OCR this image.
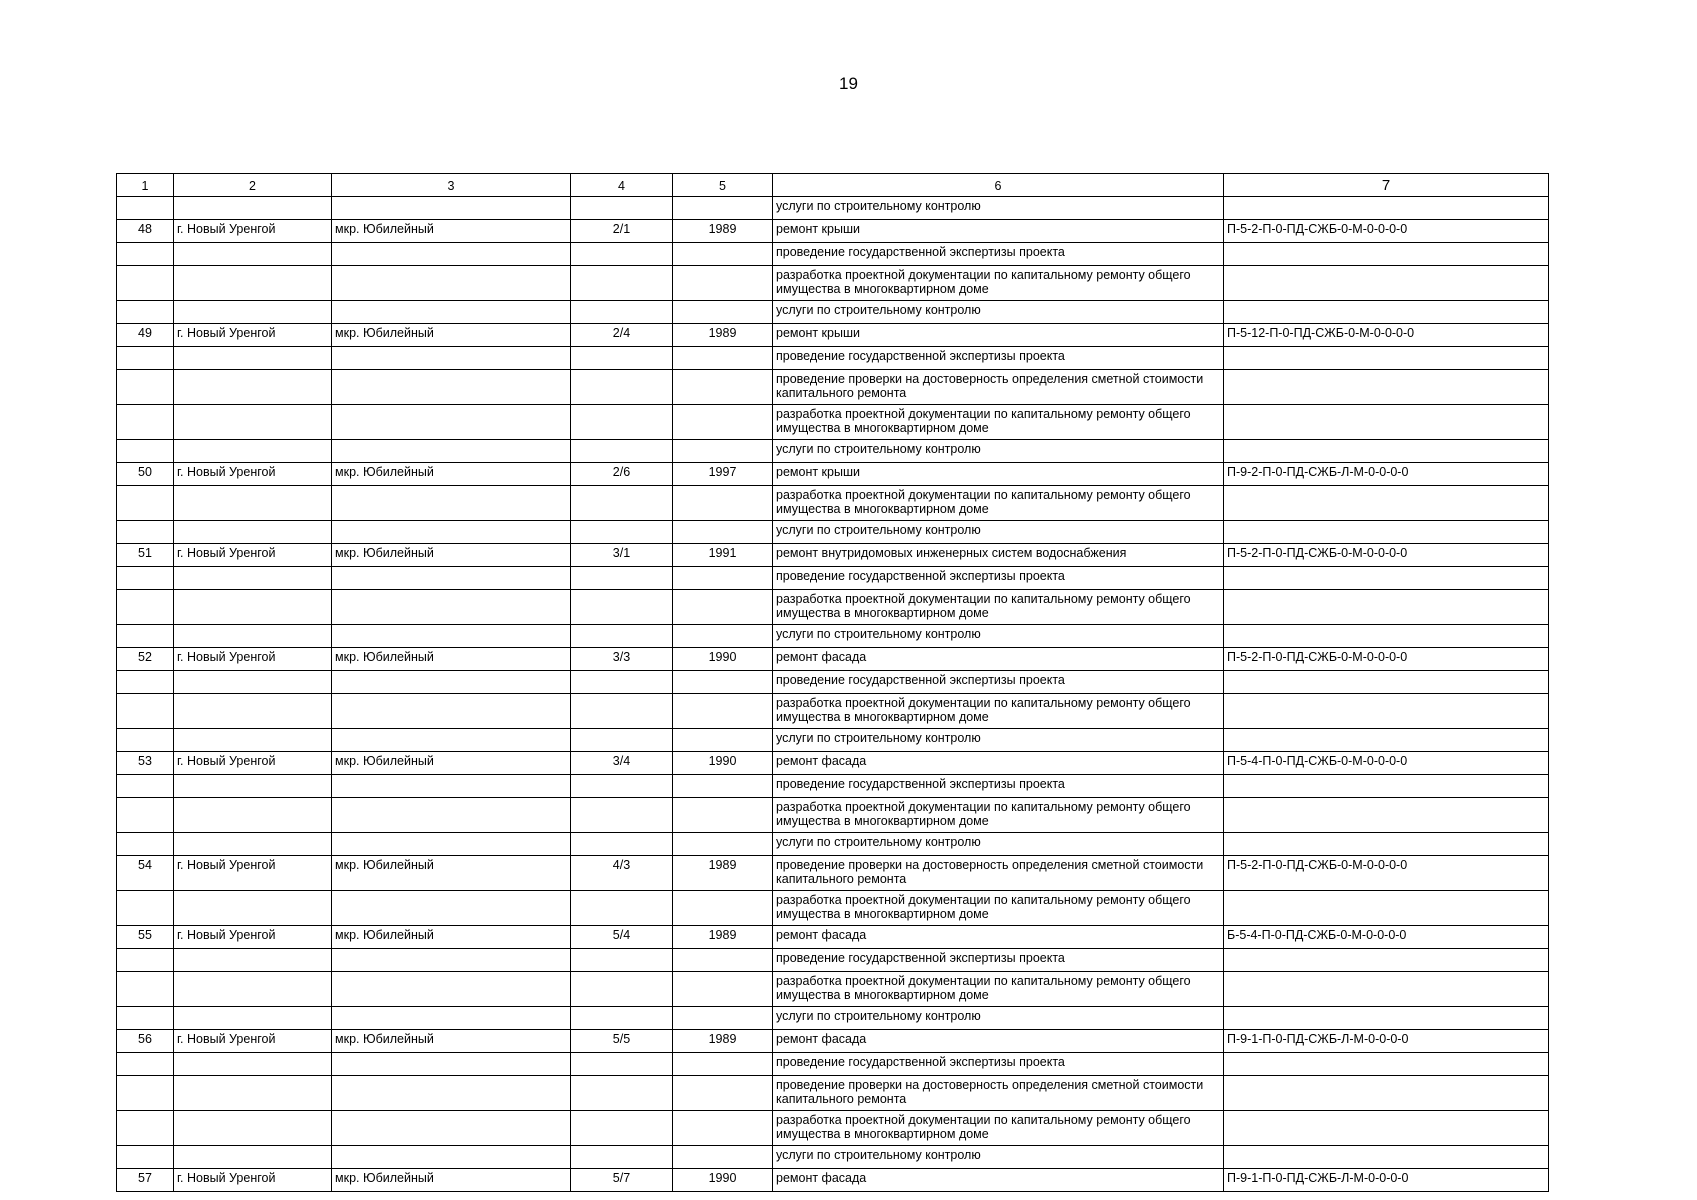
19
1	2	3	4	5	6	7
					услуги по строительному контролю	
48	г. Новый Уренгой	мкр. Юбилейный	2/1	1989	ремонт крыши	П-5-2-П-0-ПД-СЖБ-0-М-0-0-0-0
					проведение государственной экспертизы проекта	
					разработка проектной документации по капитальному ремонту общего имущества в многоквартирном доме	
					услуги по строительному контролю	
49	г. Новый Уренгой	мкр. Юбилейный	2/4	1989	ремонт крыши	П-5-12-П-0-ПД-СЖБ-0-М-0-0-0-0
					проведение государственной экспертизы проекта	
					проведение проверки на достоверность определения сметной стоимости капитального ремонта	
					разработка проектной документации по капитальному ремонту общего имущества в многоквартирном доме	
					услуги по строительному контролю	
50	г. Новый Уренгой	мкр. Юбилейный	2/6	1997	ремонт крыши	П-9-2-П-0-ПД-СЖБ-Л-М-0-0-0-0
					разработка проектной документации по капитальному ремонту общего имущества в многоквартирном доме	
					услуги по строительному контролю	
51	г. Новый Уренгой	мкр. Юбилейный	3/1	1991	ремонт внутридомовых инженерных систем водоснабжения	П-5-2-П-0-ПД-СЖБ-0-М-0-0-0-0
					проведение государственной экспертизы проекта	
					разработка проектной документации по капитальному ремонту общего имущества в многоквартирном доме	
					услуги по строительному контролю	
52	г. Новый Уренгой	мкр. Юбилейный	3/3	1990	ремонт фасада	П-5-2-П-0-ПД-СЖБ-0-М-0-0-0-0
					проведение государственной экспертизы проекта	
					разработка проектной документации по капитальному ремонту общего имущества в многоквартирном доме	
					услуги по строительному контролю	
53	г. Новый Уренгой	мкр. Юбилейный	3/4	1990	ремонт фасада	П-5-4-П-0-ПД-СЖБ-0-М-0-0-0-0
					проведение государственной экспертизы проекта	
					разработка проектной документации по капитальному ремонту общего имущества в многоквартирном доме	
					услуги по строительному контролю	
54	г. Новый Уренгой	мкр. Юбилейный	4/3	1989	проведение проверки на достоверность определения сметной стоимости капитального ремонта	П-5-2-П-0-ПД-СЖБ-0-М-0-0-0-0
					разработка проектной документации по капитальному ремонту общего имущества в многоквартирном доме	
55	г. Новый Уренгой	мкр. Юбилейный	5/4	1989	ремонт фасада	Б-5-4-П-0-ПД-СЖБ-0-М-0-0-0-0
					проведение государственной экспертизы проекта	
					разработка проектной документации по капитальному ремонту общего имущества в многоквартирном доме	
					услуги по строительному контролю	
56	г. Новый Уренгой	мкр. Юбилейный	5/5	1989	ремонт фасада	П-9-1-П-0-ПД-СЖБ-Л-М-0-0-0-0
					проведение государственной экспертизы проекта	
					проведение проверки на достоверность определения сметной стоимости капитального ремонта	
					разработка проектной документации по капитальному ремонту общего имущества в многоквартирном доме	
					услуги по строительному контролю	
57	г. Новый Уренгой	мкр. Юбилейный	5/7	1990	ремонт фасада	П-9-1-П-0-ПД-СЖБ-Л-М-0-0-0-0
